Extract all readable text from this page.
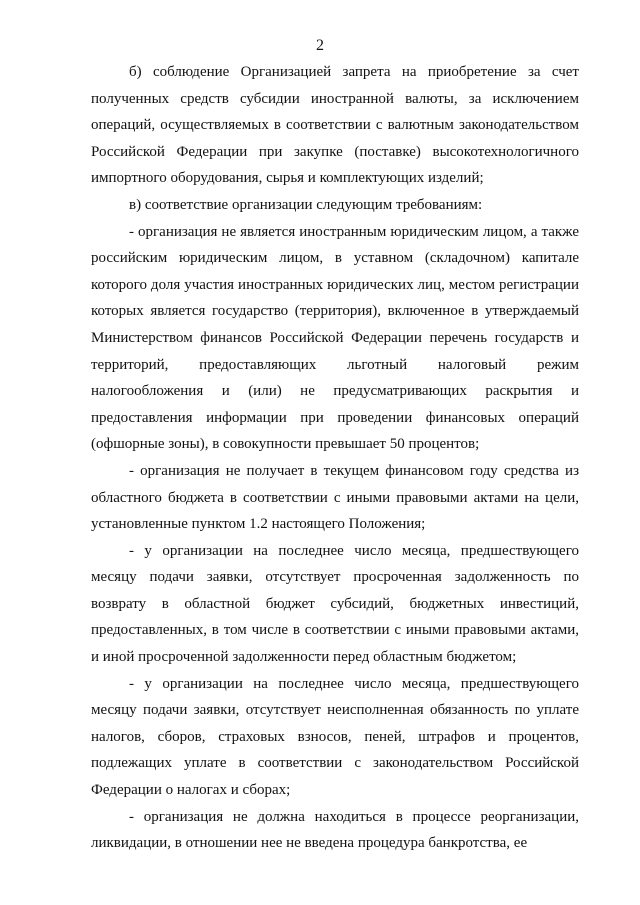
2

б) соблюдение Организацией запрета на приобретение за счет полученных средств субсидии иностранной валюты, за исключением операций, осуществляемых в соответствии с валютным законодательством Российской Федерации при закупке (поставке) высокотехнологичного импортного оборудования, сырья и комплектующих изделий;

в) соответствие организации следующим требованиям:

- организация не является иностранным юридическим лицом, а также российским юридическим лицом, в уставном (складочном) капитале которого доля участия иностранных юридических лиц, местом регистрации которых является государство (территория), включенное в утверждаемый Министерством финансов Российской Федерации перечень государств и территорий, предоставляющих льготный налоговый режим налогообложения и (или) не предусматривающих раскрытия и предоставления информации при проведении финансовых операций (офшорные зоны), в совокупности превышает 50 процентов;

- организация не получает в текущем финансовом году средства из областного бюджета в соответствии с иными правовыми актами на цели, установленные пунктом 1.2 настоящего Положения;

- у организации на последнее число месяца, предшествующего месяцу подачи заявки, отсутствует просроченная задолженность по возврату в областной бюджет субсидий, бюджетных инвестиций, предоставленных, в том числе в соответствии с иными правовыми актами, и иной просроченной задолженности перед областным бюджетом;

- у организации на последнее число месяца, предшествующего месяцу подачи заявки, отсутствует неисполненная обязанность по уплате налогов, сборов, страховых взносов, пеней, штрафов и процентов, подлежащих уплате в соответствии с законодательством Российской Федерации о налогах и сборах;

- организация не должна находиться в процессе реорганизации, ликвидации, в отношении нее не введена процедура банкротства, ее
